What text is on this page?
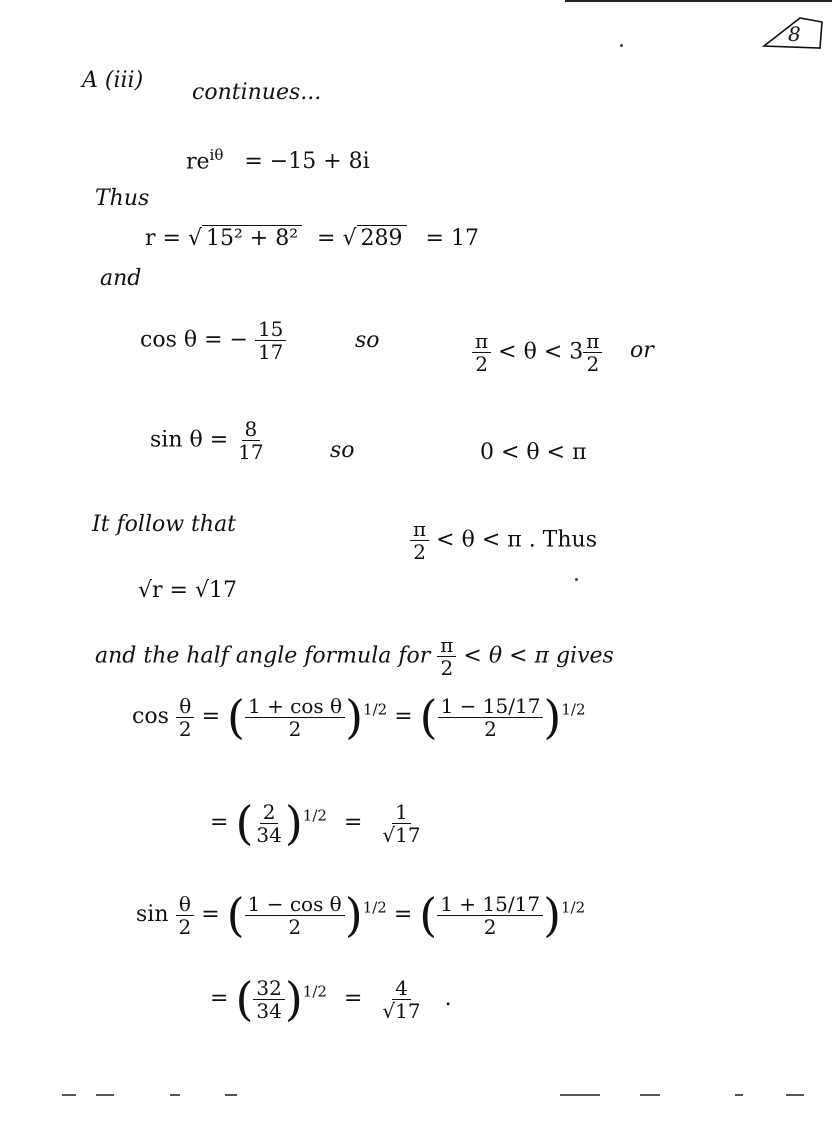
8
A (iii) continues...
$re^{i\theta} = -15 + 8i$
Thus
r = √ 15² + 8² = √ 289 = 17
and
cos θ = − $\frac{15}{17}$	so	$\frac{\pi}{2} < \theta < 3 \frac{\pi}{2}$ or
$\sin \theta = \frac{8}{17}$	so	0 < θ < π
It follow that	$\frac{\pi}{2} < \theta < \pi$ . Thus
√r = √17
and the half angle formula for $\frac{\pi}{2} < \theta < \pi$ gives
$\cos \frac{\theta}{2}$ = ( $\frac{\text{1 + cos θ}}{2} )^{1/2}$ = ( $\frac{1 - 15/17}{2} )^{1/2}$
= ( $\frac{2}{34} )^{1/2} = \frac{1}{√17}$
$\sin \frac{\theta}{2}$ = ( $\frac{\text{1 − cos θ}}{2} )^{1/2}$ = ( $\frac{1 + 15/17}{2} )^{1/2}$
= ( $\frac{32}{34} )^{1/2} = \frac{4}{√17}$ .
